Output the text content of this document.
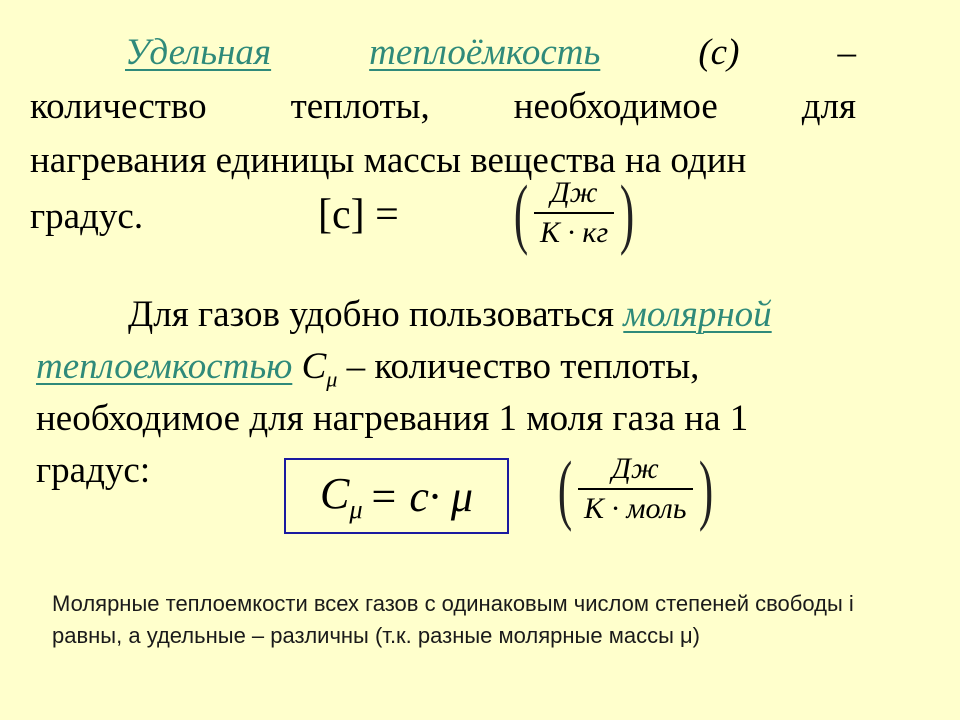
Удельная	теплоёмкость	(c)	–
количество теплоты, необходимое для
нагревания единицы массы вещества на один
градус.	[c] = ( $\frac{Дж}{К \cdot кг}$ )
Для газов удобно пользоваться молярной
теплоемкостью $C_\mu$ – количество теплоты,
необходимое для нагревания 1 моля газа на 1
градус:	$C_\mu = c\cdot \mu$ ( $\frac{Дж}{\text{К · моль}}$ )
Молярные теплоемкости всех газов с одинаковым числом степеней свободы i равны, а удельные – различны (т.к. разные молярные массы μ)
